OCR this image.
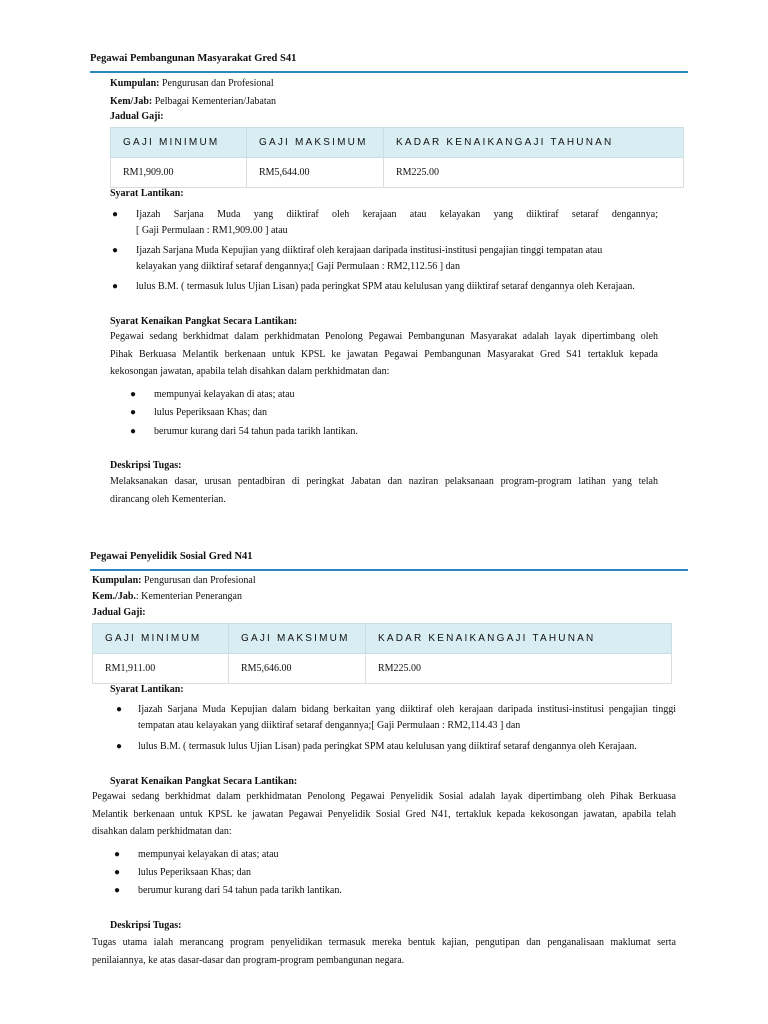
Pegawai Pembangunan Masyarakat Gred S41
Kumpulan: Pengurusan dan Profesional
Kem/Jab: Pelbagai Kementerian/Jabatan
Jadual Gaji:
GAJI MINIMUM	GAJI MAKSIMUM	KADAR KENAIKANGAJI TAHUNAN
RM1,909.00	RM5,644.00	RM225.00
Syarat Lantikan:
● Ijazah Sarjana Muda yang diiktiraf oleh kerajaan atau kelayakan yang diiktiraf setaraf dengannya;
[ Gaji Permulaan : RM1,909.00 ] atau
● Ijazah Sarjana Muda Kepujian yang diiktiraf oleh kerajaan daripada institusi-institusi pengajian tinggi tempatan atau
kelayakan yang diiktiraf setaraf dengannya;[ Gaji Permulaan : RM2,112.56 ] dan
● lulus B.M. ( termasuk lulus Ujian Lisan) pada peringkat SPM atau kelulusan yang diiktiraf setaraf dengannya oleh Kerajaan.
Syarat Kenaikan Pangkat Secara Lantikan:
Pegawai sedang berkhidmat dalam perkhidmatan Penolong Pegawai Pembangunan Masyarakat adalah layak dipertimbang oleh
Pihak Berkuasa Melantik berkenaan untuk KPSL ke jawatan Pegawai Pembangunan Masyarakat Gred S41 tertakluk kepada
kekosongan jawatan, apabila telah disahkan dalam perkhidmatan dan:
● mempunyai kelayakan di atas; atau
● lulus Peperiksaan Khas; dan
● berumur kurang dari 54 tahun pada tarikh lantikan.
Deskripsi Tugas:
Melaksanakan dasar, urusan pentadbiran di peringkat Jabatan dan naziran pelaksanaan program-program latihan yang telah
dirancang oleh Kementerian.
Pegawai Penyelidik Sosial Gred N41
Kumpulan: Pengurusan dan Profesional
Kem./Jab.: Kementerian Penerangan
Jadual Gaji:
GAJI MINIMUM	GAJI MAKSIMUM	KADAR KENAIKANGAJI TAHUNAN
RM1,911.00	RM5,646.00	RM225.00
Syarat Lantikan:
● Ijazah Sarjana Muda Kepujian dalam bidang berkaitan yang diiktiraf oleh kerajaan daripada institusi-institusi pengajian tinggi
tempatan atau kelayakan yang diiktiraf setaraf dengannya;[ Gaji Permulaan : RM2,114.43 ] dan
● lulus B.M. ( termasuk lulus Ujian Lisan) pada peringkat SPM atau kelulusan yang diiktiraf setaraf dengannya oleh Kerajaan.
Syarat Kenaikan Pangkat Secara Lantikan:
Pegawai sedang berkhidmat dalam perkhidmatan Penolong Pegawai Penyelidik Sosial adalah layak dipertimbang oleh Pihak Berkuasa
Melantik berkenaan untuk KPSL ke jawatan Pegawai Penyelidik Sosial Gred N41, tertakluk kepada kekosongan jawatan, apabila telah
disahkan dalam perkhidmatan dan:
● mempunyai kelayakan di atas; atau
● lulus Peperiksaan Khas; dan
● berumur kurang dari 54 tahun pada tarikh lantikan.
Deskripsi Tugas:
Tugas utama ialah merancang program penyelidikan termasuk mereka bentuk kajian, pengutipan dan penganalisaan maklumat serta
penilaiannya, ke atas dasar-dasar dan program-program pembangunan negara.
